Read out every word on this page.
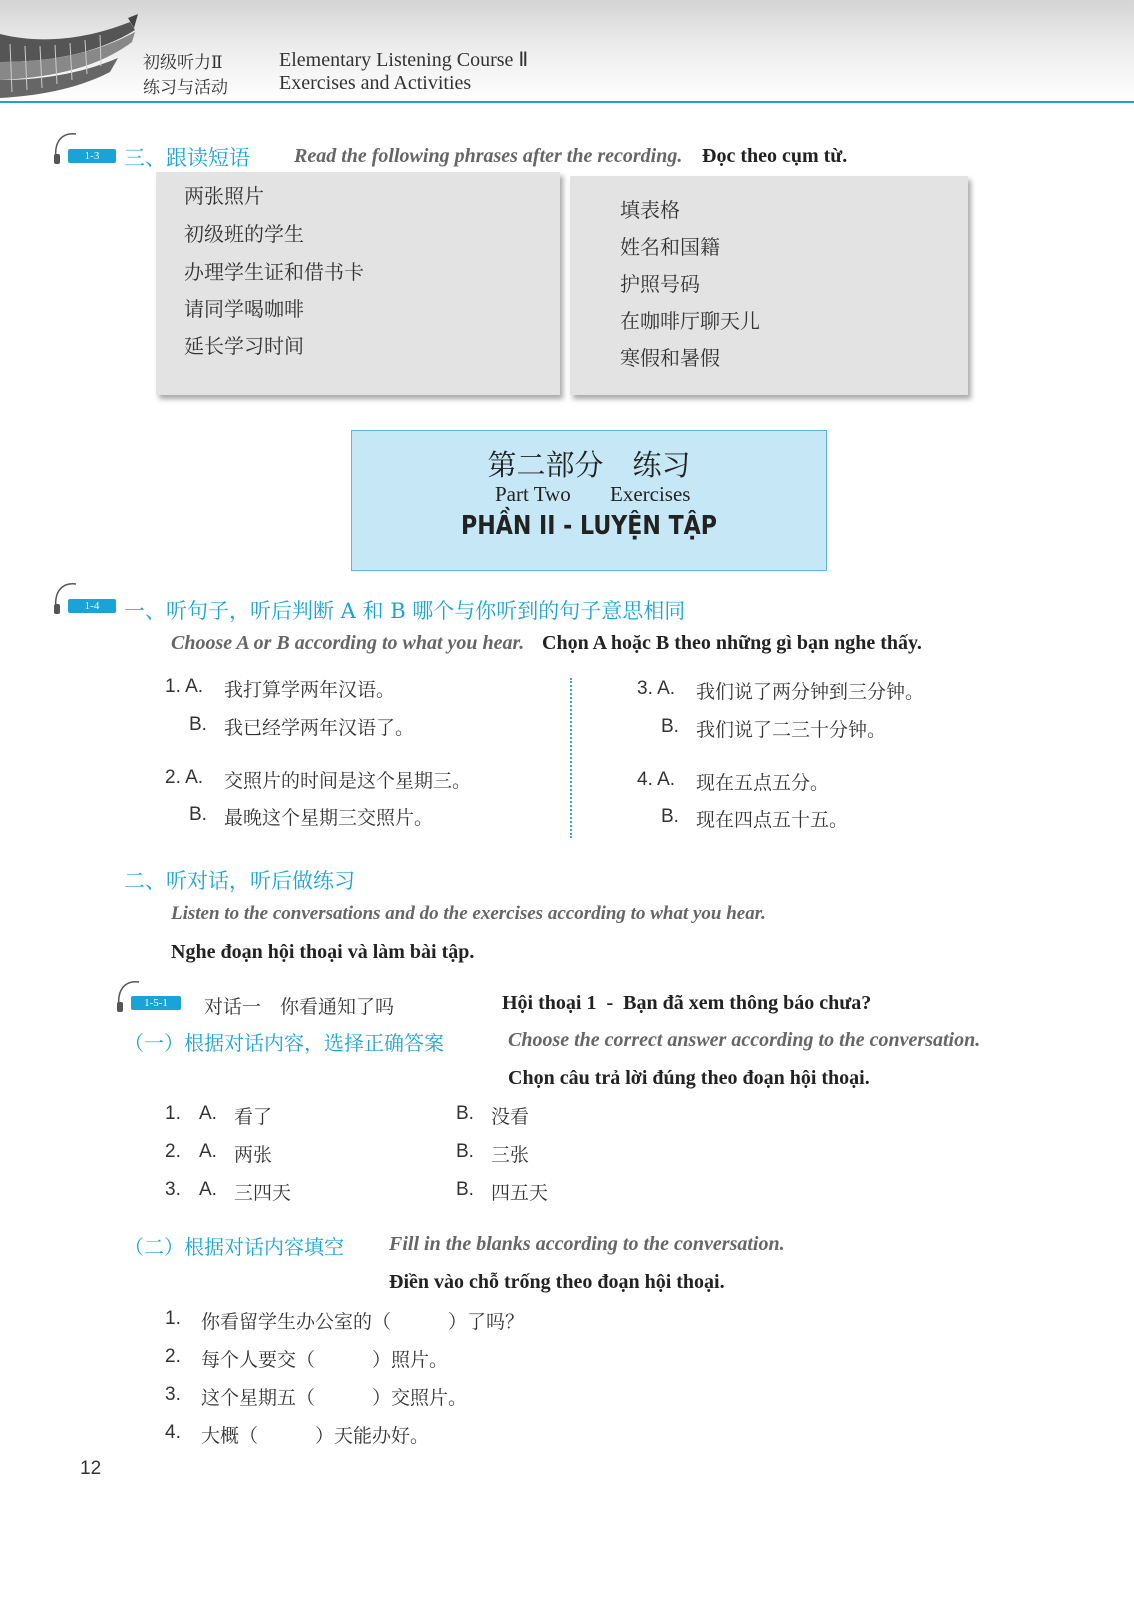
初级听力Ⅱ
练习与活动
Elementary Listening Course Ⅱ
Exercises and Activities
1-3	三、跟读短语 Read the following phrases after the recording. Đọc theo cụm từ.
两张照片
初级班的学生
办理学生证和借书卡
请同学喝咖啡
延长学习时间
填表格
姓名和国籍
护照号码
在咖啡厅聊天儿
寒假和暑假
第二部分　练习
Part Two Exercises
PHẦN II - LUYỆN TẬP
1-4	一、听句子，听后判断 A 和 B 哪个与你听到的句子意思相同
Choose A or B according to what you hear. Chọn A hoặc B theo những gì bạn nghe thấy.
1. A. 我打算学两年汉语。
B. 我已经学两年汉语了。
2. A. 交照片的时间是这个星期三。
B. 最晚这个星期三交照片。
3. A. 我们说了两分钟到三分钟。
B. 我们说了二三十分钟。
4. A. 现在五点五分。
B. 现在四点五十五。
二、听对话，听后做练习
Listen to the conversations and do the exercises according to what you hear.
Nghe đoạn hội thoại và làm bài tập.
1-5-1	对话一　你看通知了吗	Hội thoại 1  -  Bạn đã xem thông báo chưa?
（一）根据对话内容，选择正确答案	Choose the correct answer according to the conversation.
Chọn câu trả lời đúng theo đoạn hội thoại.
1. A. 看了	B. 没看
2. A. 两张	B. 三张
3. A. 三四天	B. 四五天
（二）根据对话内容填空 Fill in the blanks according to the conversation.
Điền vào chỗ trống theo đoạn hội thoại.
1. 你看留学生办公室的（　　　）了吗？
2. 每个人要交（　　　）照片。
3. 这个星期五（　　　）交照片。
4. 大概（　　　）天能办好。
12
